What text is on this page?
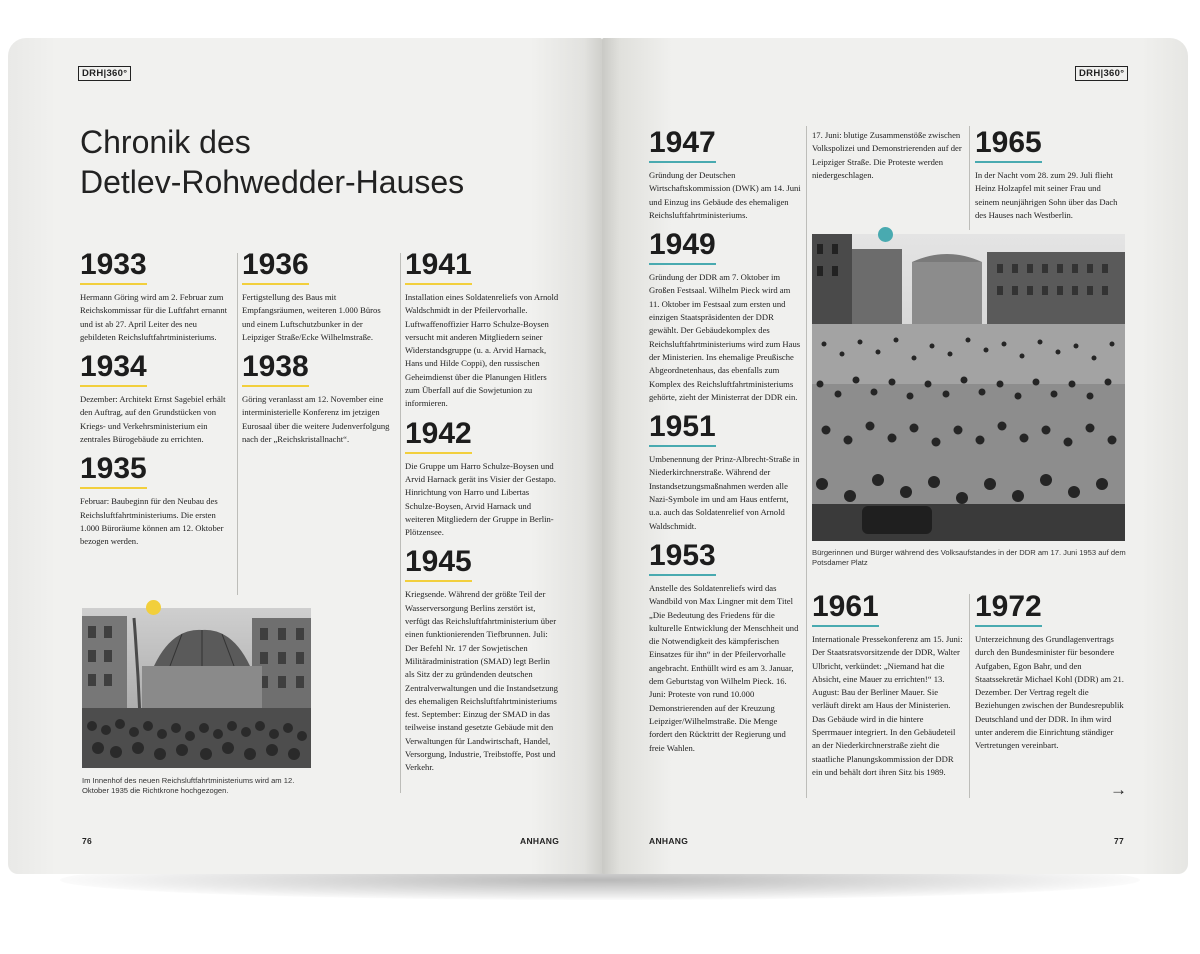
DRH|360°
Chronik des
Detlev-Rohwedder-Hauses
1933

Hermann Göring wird am 2. Februar zum Reichskommissar für die Luftfahrt ernannt und ist ab 27. April Leiter des neu gebildeten Reichsluftfahrtministeriums.

1934

Dezember: Architekt Ernst Sagebiel erhält den Auftrag, auf den Grundstücken von Kriegs- und Verkehrsministerium ein zentrales Bürogebäude zu errichten.

1935

Februar: Baubeginn für den Neubau des Reichsluftfahrtministeriums. Die ersten 1.000 Büroräume können am 12. Oktober bezogen werden.

1936

Fertigstellung des Baus mit Empfangsräumen, weiteren 1.000 Büros und einem Luftschutzbunker in der Leipziger Straße/Ecke Wilhelmstraße.

1938

Göring veranlasst am 12. November eine interministerielle Konferenz im jetzigen Eurosaal über die weitere Judenverfolgung nach der „Reichskristallnacht“.

1941

Installation eines Soldatenreliefs von Arnold Waldschmidt in der Pfeilervorhalle. Luftwaffenoffizier Harro Schulze-Boysen versucht mit anderen Mitgliedern seiner Widerstandsgruppe (u. a. Arvid Harnack, Hans und Hilde Coppi), den russischen Geheimdienst über die Planungen Hitlers zum Überfall auf die Sowjetunion zu informieren.

1942

Die Gruppe um Harro Schulze-Boysen und Arvid Harnack gerät ins Visier der Gestapo. Hinrichtung von Harro und Libertas Schulze-Boysen, Arvid Harnack und weiteren Mitgliedern der Gruppe in Berlin-Plötzensee.

1945

Kriegsende. Während der größte Teil der Wasserversorgung Berlins zerstört ist, verfügt das Reichsluftfahrtministerium über einen funktionierenden Tiefbrunnen. Juli: Der Befehl Nr. 17 der Sowjetischen Militäradministration (SMAD) legt Berlin als Sitz der zu gründenden deutschen Zentralverwaltungen und die Instandsetzung des ehemaligen Reichsluftfahrtministeriums fest. September: Einzug der SMAD in das teilweise instand gesetzte Gebäude mit den Verwaltungen für Landwirtschaft, Handel, Versorgung, Industrie, Treibstoffe, Post und Verkehr.

Im Innenhof des neuen Reichsluftfahrtministeriums wird am 12. Oktober 1935 die Richtkrone hochgezogen.
76	ANHANG
DRH|360°
1947

Gründung der Deutschen Wirtschaftskommission (DWK) am 14. Juni und Einzug ins Gebäude des ehemaligen Reichsluftfahrtministeriums.

1949

Gründung der DDR am 7. Oktober im Großen Festsaal. Wilhelm Pieck wird am 11. Oktober im Festsaal zum ersten und einzigen Staatspräsidenten der DDR gewählt. Der Gebäudekomplex des Reichsluftfahrtministeriums wird zum Haus der Ministerien. Ins ehemalige Preußische Abgeordnetenhaus, das ebenfalls zum Komplex des Reichsluftfahrtministeriums gehörte, zieht der Ministerrat der DDR ein.

1951

Umbenennung der Prinz-Albrecht-Straße in Niederkirchnerstraße. Während der Instandsetzungsmaßnahmen werden alle Nazi-Symbole im und am Haus entfernt, u.a. auch das Soldatenrelief von Arnold Waldschmidt.

1953

Anstelle des Soldatenreliefs wird das Wandbild von Max Lingner mit dem Titel „Die Bedeutung des Friedens für die kulturelle Entwicklung der Menschheit und die Notwendigkeit des kämpferischen Einsatzes für ihn“ in der Pfeilervorhalle angebracht. Enthüllt wird es am 3. Januar, dem Geburtstag von Wilhelm Pieck. 16. Juni: Proteste von rund 10.000 Demonstrierenden auf der Kreuzung Leipziger/Wilhelmstraße. Die Menge fordert den Rücktritt der Regierung und freie Wahlen.

17. Juni: blutige Zusammenstöße zwischen Volkspolizei und Demonstrierenden auf der Leipziger Straße. Die Proteste werden niedergeschlagen.

1965

In der Nacht vom 28. zum 29. Juli flieht Heinz Holzapfel mit seiner Frau und seinem neunjährigen Sohn über das Dach des Hauses nach Westberlin.

Bürgerinnen und Bürger während des Volksaufstandes in der DDR am 17. Juni 1953 auf dem Potsdamer Platz
1961

Internationale Pressekonferenz am 15. Juni: Der Staatsratsvorsitzende der DDR, Walter Ulbricht, verkündet: „Niemand hat die Absicht, eine Mauer zu errichten!“ 13. August: Bau der Berliner Mauer. Sie verläuft direkt am Haus der Ministerien. Das Gebäude wird in die hintere Sperrmauer integriert. In den Gebäudeteil an der Niederkirchnerstraße zieht die staatliche Planungskommission der DDR ein und behält dort ihren Sitz bis 1989.

1972

Unterzeichnung des Grundlagenvertrags durch den Bundesminister für besondere Aufgaben, Egon Bahr, und den Staatssekretär Michael Kohl (DDR) am 21. Dezember. Der Vertrag regelt die Beziehungen zwischen der Bundesrepublik Deutschland und der DDR. In ihm wird unter anderem die Einrichtung ständiger Vertretungen vereinbart.

→
ANHANG	77
